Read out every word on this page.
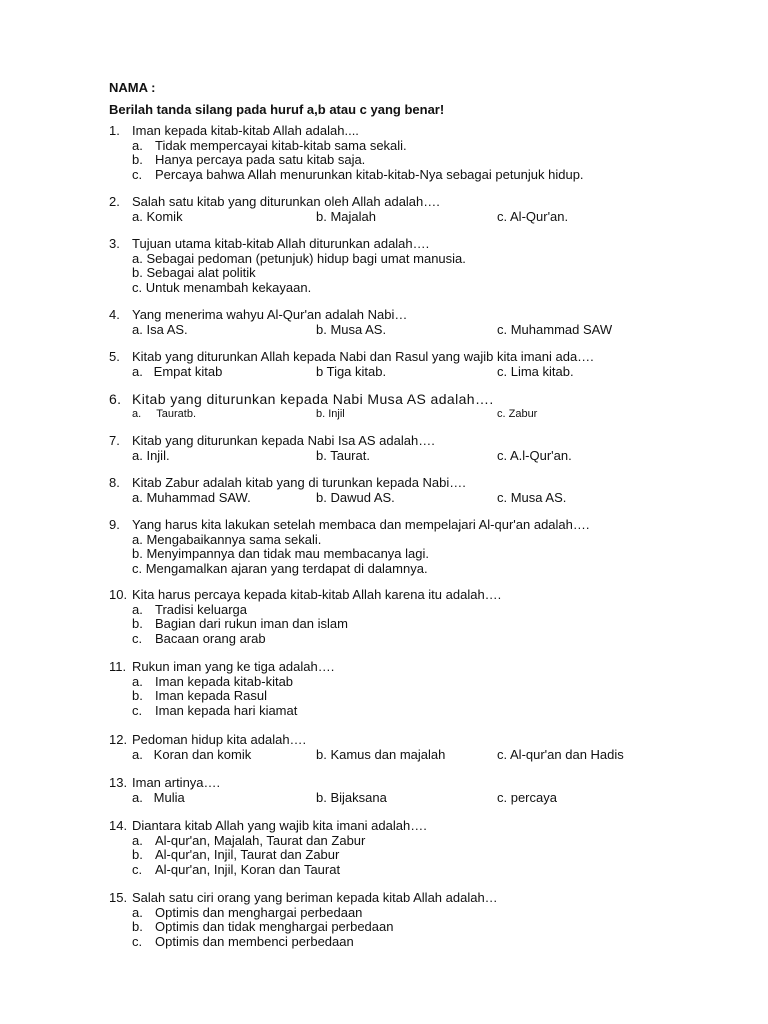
NAMA :
Berilah tanda silang pada huruf a,b atau c yang benar!
1. Iman kepada kitab-kitab Allah adalah....
a. Tidak mempercayai kitab-kitab sama sekali.
b. Hanya percaya pada satu kitab saja.
c. Percaya bahwa Allah menurunkan kitab-kitab-Nya sebagai petunjuk hidup.
2. Salah satu kitab yang diturunkan oleh Allah adalah….
a. Komik	b. Majalah	c. Al-Qur'an.
3. Tujuan utama kitab-kitab Allah diturunkan adalah….
a. Sebagai pedoman (petunjuk) hidup bagi umat manusia.
b. Sebagai alat politik
c. Untuk menambah kekayaan.
4. Yang menerima wahyu Al-Qur'an adalah Nabi…
a. Isa AS.	b. Musa AS.	c. Muhammad SAW
5. Kitab yang diturunkan Allah kepada Nabi dan Rasul yang wajib kita imani ada….
a.   Empat kitab	b Tiga kitab.	c. Lima kitab.
6. Kitab yang diturunkan kepada Nabi Musa AS adalah….
a.     Tauratb.	b. Injil	c. Zabur
7. Kitab yang diturunkan kepada Nabi Isa AS adalah….
a. Injil.	b. Taurat.	c. A.l-Qur'an.
8. Kitab Zabur adalah kitab yang di turunkan kepada Nabi….
a. Muhammad SAW.	b. Dawud AS.	c. Musa AS.
9. Yang harus kita lakukan setelah membaca dan mempelajari Al-qur'an adalah….
a. Mengabaikannya sama sekali.
b. Menyimpannya dan tidak mau membacanya lagi.
c. Mengamalkan ajaran yang terdapat di dalamnya.
10. Kita harus percaya kepada kitab-kitab Allah karena itu adalah….
a. Tradisi keluarga
b. Bagian dari rukun iman dan islam
c. Bacaan orang arab
11. Rukun iman yang ke tiga adalah….
a. Iman kepada kitab-kitab
b. Iman kepada Rasul
c. Iman kepada hari kiamat
12. Pedoman hidup kita adalah….
a.   Koran dan komik	b. Kamus dan majalah	c. Al-qur'an dan Hadis
13. Iman artinya….
a.   Mulia	b. Bijaksana	c. percaya
14. Diantara kitab Allah yang wajib kita imani adalah….
a. Al-qur'an, Majalah, Taurat dan Zabur
b. Al-qur'an, Injil, Taurat dan Zabur
c. Al-qur'an, Injil, Koran dan Taurat
15. Salah satu ciri orang yang beriman kepada kitab Allah adalah…
a. Optimis dan menghargai perbedaan
b. Optimis dan tidak menghargai perbedaan
c. Optimis dan membenci perbedaan
